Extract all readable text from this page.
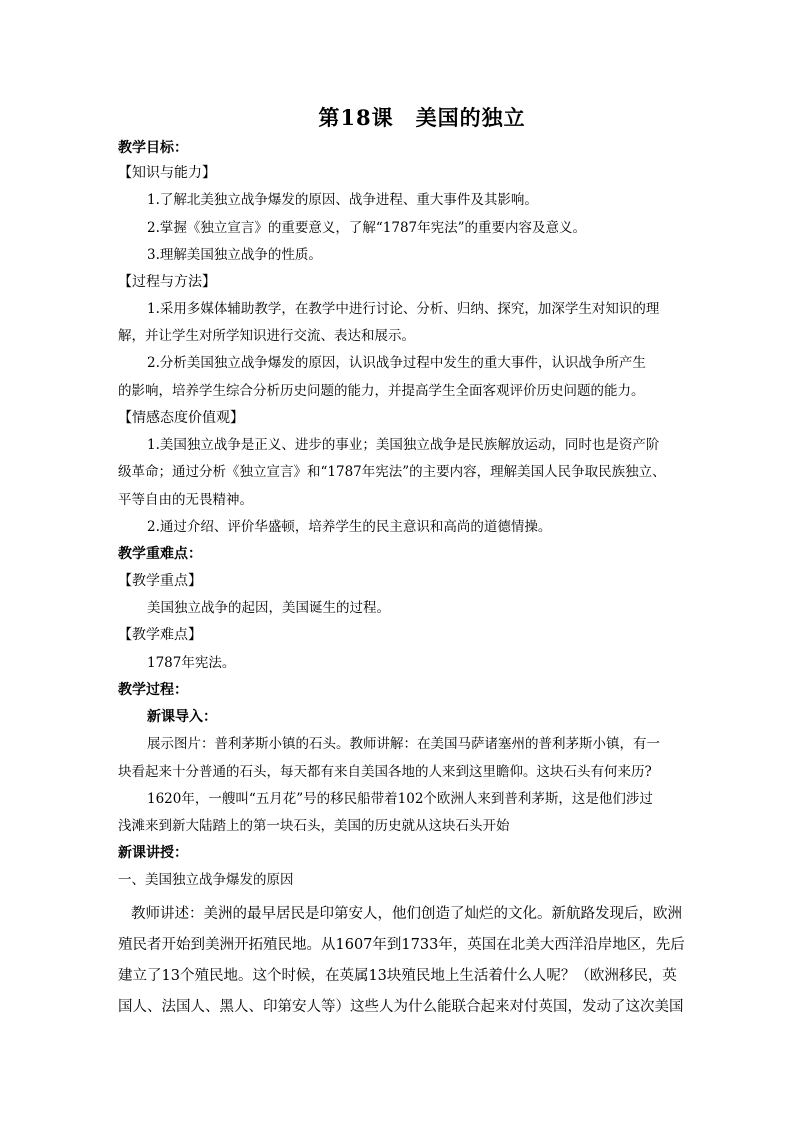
第18课 美国的独立
教学目标：
【知识与能力】
1.了解北美独立战争爆发的原因、战争进程、重大事件及其影响。
2.掌握《独立宣言》的重要意义，了解“1787年宪法”的重要内容及意义。
3.理解美国独立战争的性质。
【过程与方法】
1.采用多媒体辅助教学，在教学中进行讨论、分析、归纳、探究，加深学生对知识的理
解，并让学生对所学知识进行交流、表达和展示。
2.分析美国独立战争爆发的原因，认识战争过程中发生的重大事件，认识战争所产生
的影响，培养学生综合分析历史问题的能力，并提高学生全面客观评价历史问题的能力。
【情感态度价值观】
1.美国独立战争是正义、进步的事业；美国独立战争是民族解放运动，同时也是资产阶
级革命；通过分析《独立宣言》和“1787年宪法”的主要内容，理解美国人民争取民族独立、
平等自由的无畏精神。
2.通过介绍、评价华盛顿，培养学生的民主意识和高尚的道德情操。
教学重难点：
【教学重点】
美国独立战争的起因，美国诞生的过程。
【教学难点】
1787年宪法。
教学过程：
新课导入：
展示图片：普利茅斯小镇的石头。教师讲解：在美国马萨诸塞州的普利茅斯小镇，有一
块看起来十分普通的石头，每天都有来自美国各地的人来到这里瞻仰。这块石头有何来历?
1620年，一艘叫“五月花”号的移民船带着102个欧洲人来到普利茅斯，这是他们涉过
浅滩来到新大陆踏上的第一块石头，美国的历史就从这块石头开始
新课讲授：
一、美国独立战争爆发的原因
教师讲述：美洲的最早居民是印第安人，他们创造了灿烂的文化。新航路发现后，欧洲
殖民者开始到美洲开拓殖民地。从1607年到1733年，英国在北美大西洋沿岸地区，先后
建立了13个殖民地。这个时候，在英属13块殖民地上生活着什么人呢？（欧洲移民，英
国人、法国人、黑人、印第安人等）这些人为什么能联合起来对付英国，发动了这次美国
